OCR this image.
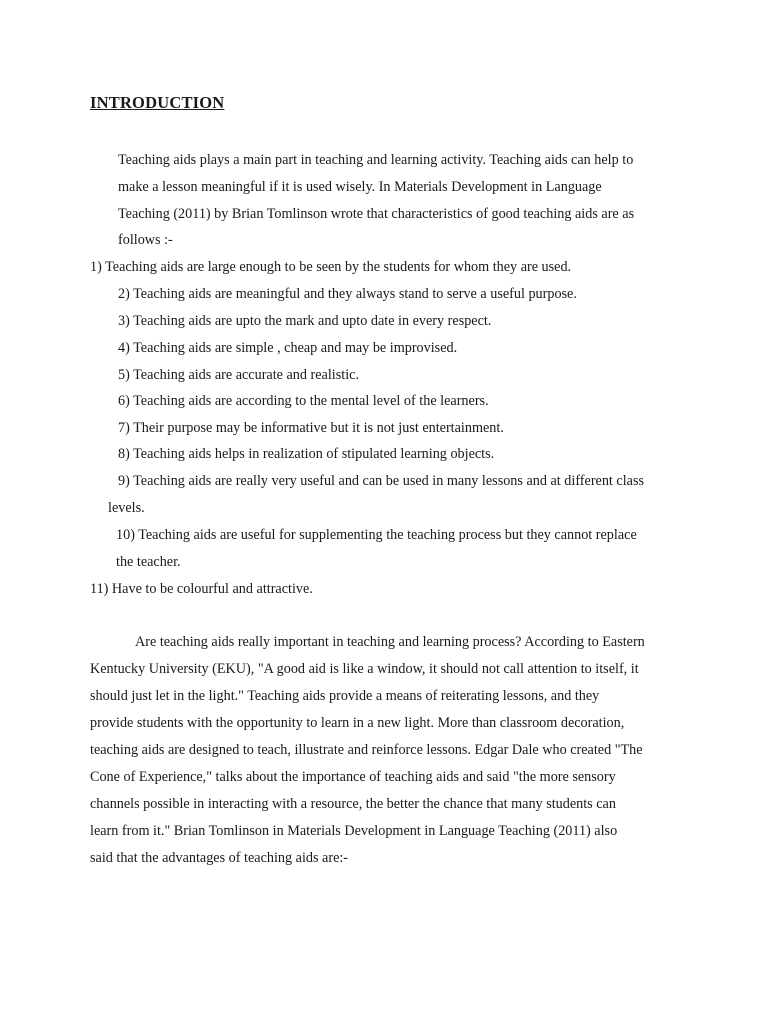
INTRODUCTION
Teaching aids plays a main part in teaching and learning activity. Teaching aids can help to
make a lesson meaningful if it is used wisely. In Materials Development in Language
Teaching (2011) by Brian Tomlinson wrote that characteristics of good teaching aids are as
follows :-
1) Teaching aids are large enough to be seen by the students for whom they are used.
2) Teaching aids are meaningful and they always stand to serve a useful purpose.
3) Teaching aids are upto the mark and upto date in every respect.
4) Teaching aids are simple , cheap and may be improvised.
5) Teaching aids are accurate and realistic.
6) Teaching aids are according to the mental level of the learners.
7) Their purpose may be informative but it is not just entertainment.
8) Teaching aids helps in realization of stipulated learning objects.
9) Teaching aids are really very useful and can be used in many lessons and at different class
levels.
10) Teaching aids are useful for supplementing the teaching process but they cannot replace
the teacher.
11) Have to be colourful and attractive.
Are teaching aids really important in teaching and learning process? According to Eastern
Kentucky University (EKU), "A good aid is like a window, it should not call attention to itself, it
should just let in the light." Teaching aids provide a means of reiterating lessons, and they
provide students with the opportunity to learn in a new light. More than classroom decoration,
teaching aids are designed to teach, illustrate and reinforce lessons. Edgar Dale who created "The
Cone of Experience," talks about the importance of teaching aids and said "the more sensory
channels possible in interacting with a resource, the better the chance that many students can
learn from it." Brian Tomlinson in Materials Development in Language Teaching (2011) also
said that the advantages of teaching aids are:-
